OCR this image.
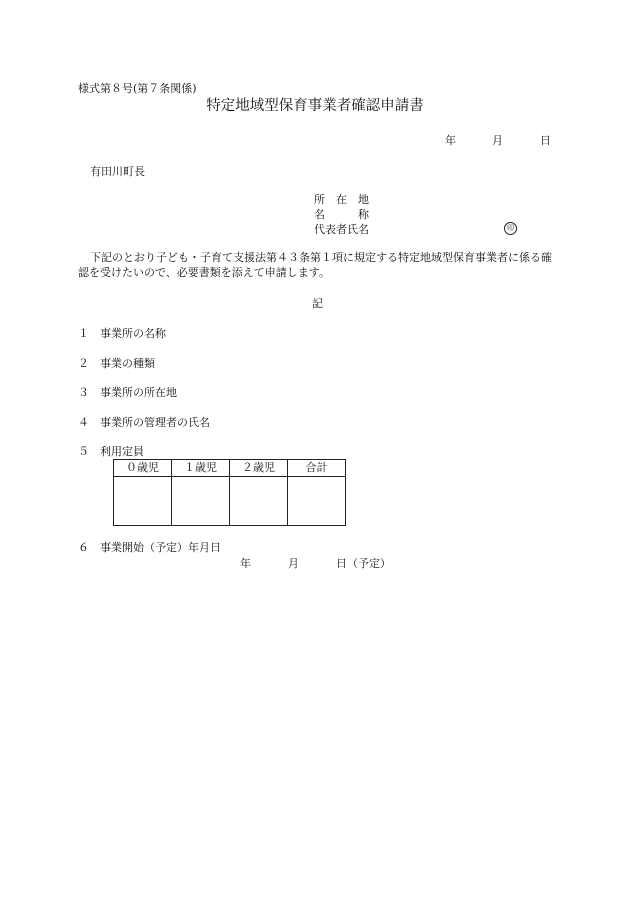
様式第８号(第７条関係)
特定地域型保育事業者確認申請書
年	月	日
有田川町長
所　在　地
名　　　称
代表者氏名	印
下記のとおり子ども・子育て支援法第４３条第１項に規定する特定地域型保育事業者に係る確認を受けたいので、必要書類を添えて申請します。
記
１ 事業所の名称
２ 事業の種類
３ 事業所の所在地
４ 事業所の管理者の氏名
５ 利用定員
０歳児	１歳児	２歳児	合計

６ 事業開始（予定）年月日
年	月	日（予定）
